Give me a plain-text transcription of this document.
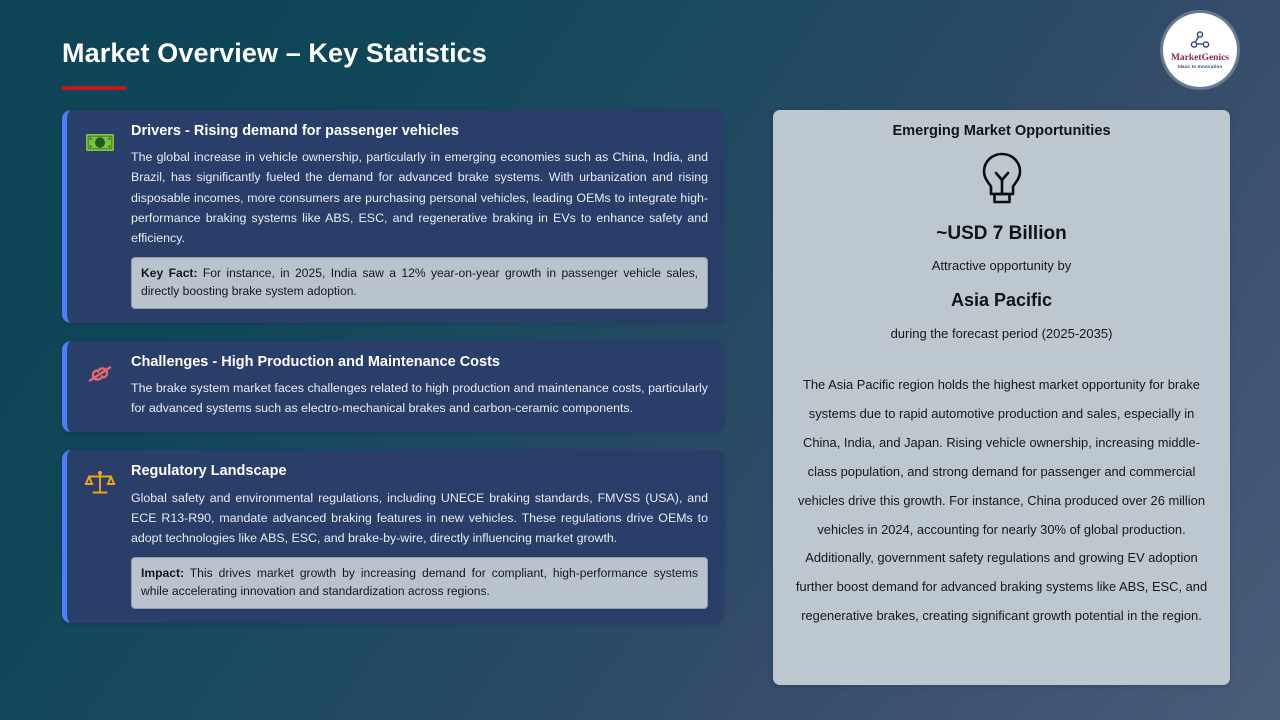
Market Overview – Key Statistics	MarketGenics
Ideas to Innovation
Drivers - Rising demand for passenger vehicles
The global increase in vehicle ownership, particularly in emerging economies such as China, India, and Brazil, has significantly fueled the demand for advanced brake systems. With urbanization and rising disposable incomes, more consumers are purchasing personal vehicles, leading OEMs to integrate high-performance braking systems like ABS, ESC, and regenerative braking in EVs to enhance safety and efficiency.
Key Fact: For instance, in 2025, India saw a 12% year-on-year growth in passenger vehicle sales, directly boosting brake system adoption.
Challenges - High Production and Maintenance Costs
The brake system market faces challenges related to high production and maintenance costs, particularly for advanced systems such as electro-mechanical brakes and carbon-ceramic components.
Regulatory Landscape
Global safety and environmental regulations, including UNECE braking standards, FMVSS (USA), and ECE R13-R90, mandate advanced braking features in new vehicles. These regulations drive OEMs to adopt technologies like ABS, ESC, and brake-by-wire, directly influencing market growth.
Impact: This drives market growth by increasing demand for compliant, high-performance systems while accelerating innovation and standardization across regions.
Emerging Market Opportunities
~USD 7 Billion
Attractive opportunity by
Asia Pacific
during the forecast period (2025-2035)
The Asia Pacific region holds the highest market opportunity for brake systems due to rapid automotive production and sales, especially in China, India, and Japan. Rising vehicle ownership, increasing middle-class population, and strong demand for passenger and commercial vehicles drive this growth. For instance, China produced over 26 million vehicles in 2024, accounting for nearly 30% of global production. Additionally, government safety regulations and growing EV adoption further boost demand for advanced braking systems like ABS, ESC, and regenerative brakes, creating significant growth potential in the region.
